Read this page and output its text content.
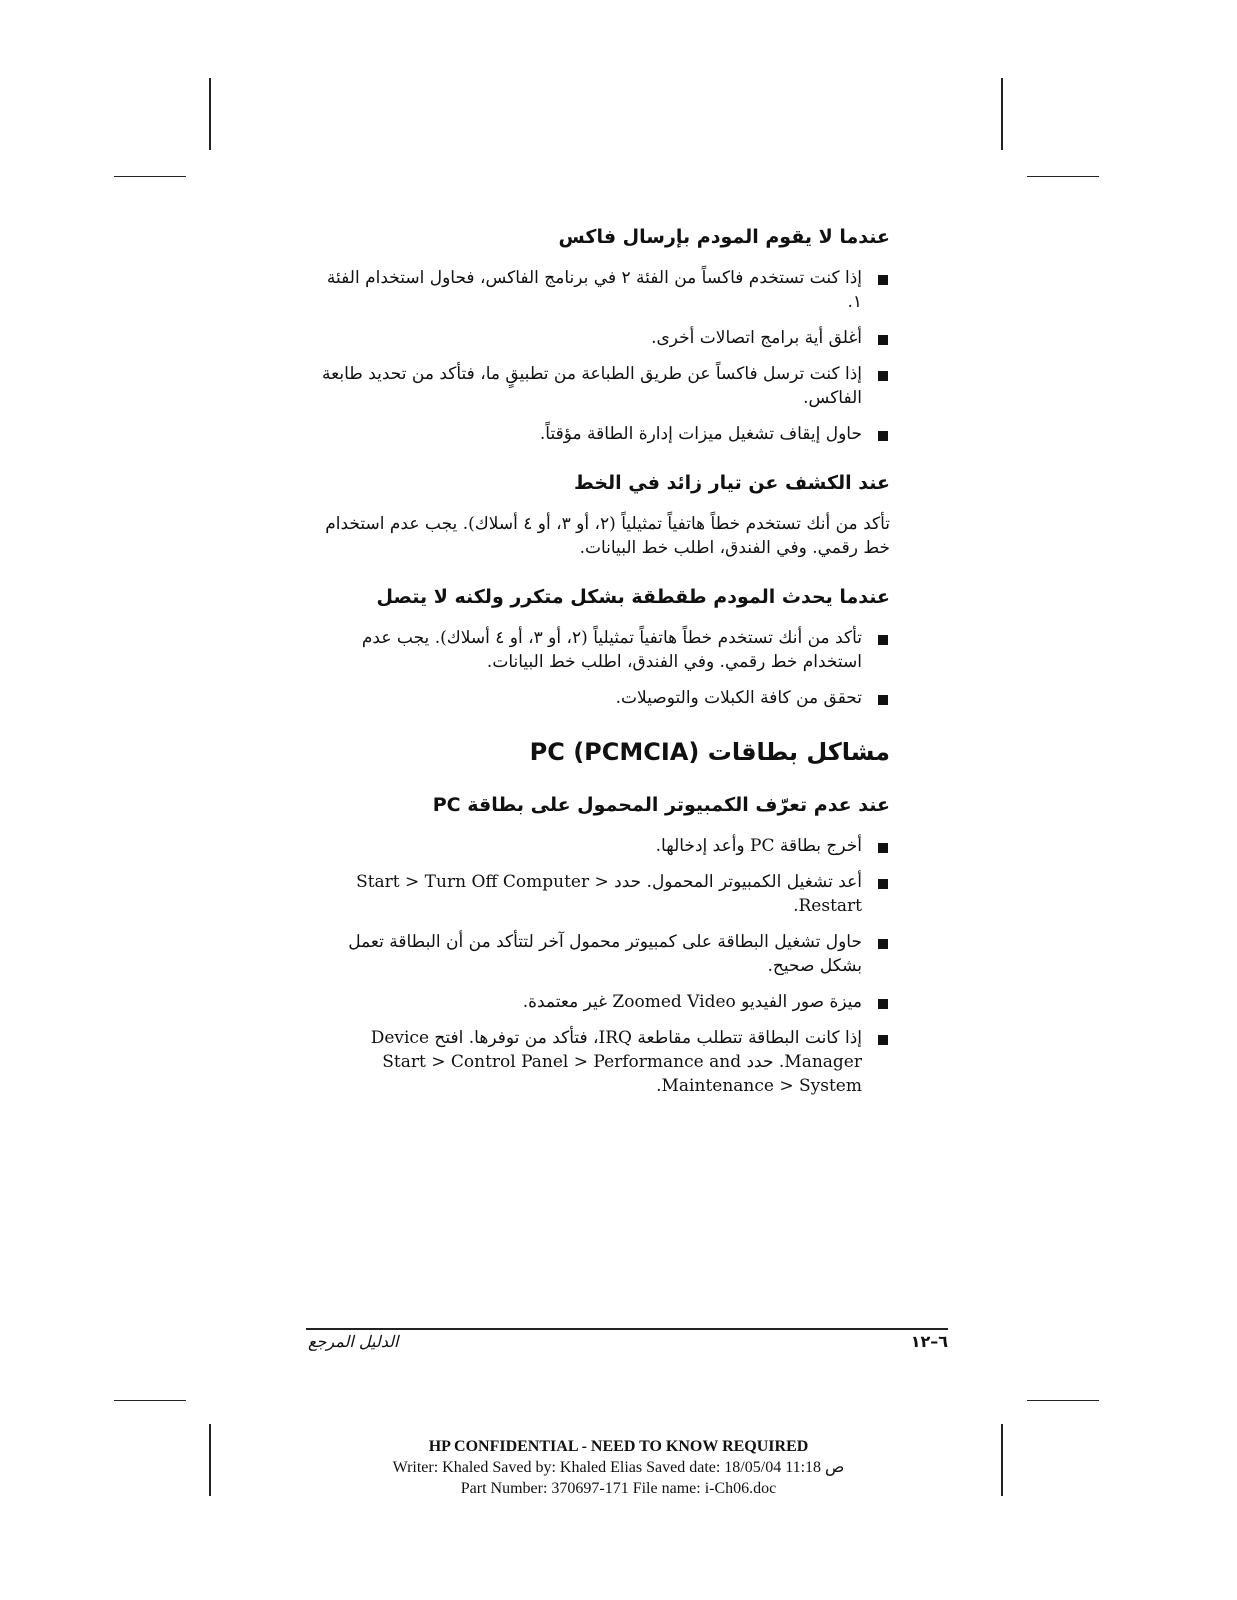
عندما لا يقوم المودم بإرسال فاكس
إذا كنت تستخدم فاكساً من الفئة ٢ في برنامج الفاكس، فحاول استخدام الفئة ١.
أغلق أية برامج اتصالات أخرى.
إذا كنت ترسل فاكساً عن طريق الطباعة من تطبيقٍ ما، فتأكد من تحديد طابعة الفاكس.
حاول إيقاف تشغيل ميزات إدارة الطاقة مؤقتاً.
عند الكشف عن تيار زائد في الخط

تأكد من أنك تستخدم خطاً هاتفياً تمثيلياً (٢، أو ٣، أو ٤ أسلاك). يجب عدم استخدام خط رقمي. وفي الفندق، اطلب خط البيانات.

عندما يحدث المودم طقطقة بشكل متكرر ولكنه لا يتصل
تأكد من أنك تستخدم خطاً هاتفياً تمثيلياً (٢، أو ٣، أو ٤ أسلاك). يجب عدم استخدام خط رقمي. وفي الفندق، اطلب خط البيانات.
تحقق من كافة الكبلات والتوصيلات.
مشاكل بطاقات PC (PCMCIA)
عند عدم تعرّف الكمبيوتر المحمول على بطاقة PC
أخرج بطاقة PC وأعد إدخالها.
أعد تشغيل الكمبيوتر المحمول. حدد Start > Turn Off Computer > Restart.
حاول تشغيل البطاقة على كمبيوتر محمول آخر لتتأكد من أن البطاقة تعمل بشكل صحيح.
ميزة صور الفيديو Zoomed Video غير معتمدة.
إذا كانت البطاقة تتطلب مقاطعة IRQ، فتأكد من توفرها. افتح Device Manager. حدد Start > Control Panel > Performance and Maintenance > System.
٦–١٢
الدليل المرجع
HP CONFIDENTIAL - NEED TO KNOW REQUIRED
Writer: Khaled Saved by: Khaled Elias Saved date: 18/05/04 11:18 ص
Part Number: 370697-171 File name: i-Ch06.doc
